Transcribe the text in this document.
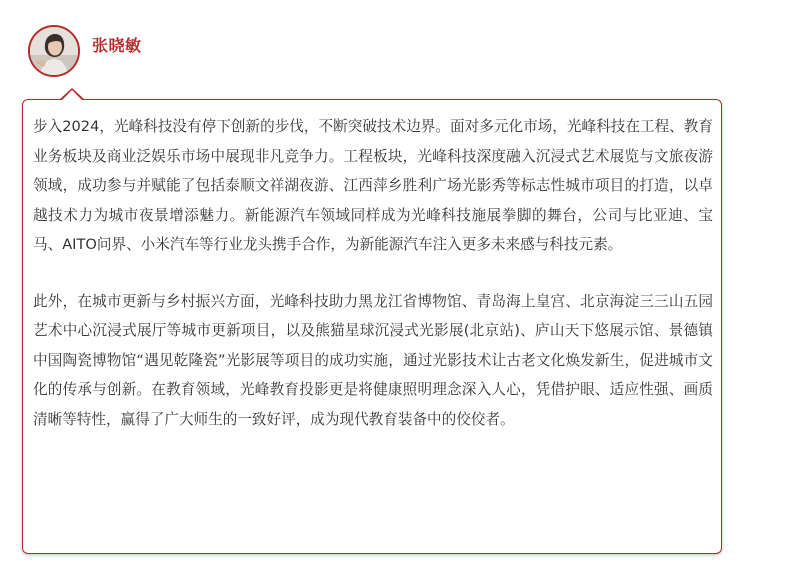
张晓敏

步入2024，光峰科技没有停下创新的步伐，不断突破技术边界。面对多元化市场，光峰科技在工程、教育业务板块及商业泛娱乐市场中展现非凡竞争力。工程板块，光峰科技深度融入沉浸式艺术展览与文旅夜游领域，成功参与并赋能了包括泰顺文祥湖夜游、江西萍乡胜利广场光影秀等标志性城市项目的打造，以卓越技术力为城市夜景增添魅力。新能源汽车领域同样成为光峰科技施展拳脚的舞台，公司与比亚迪、宝马、AITO问界、小米汽车等行业龙头携手合作，为新能源汽车注入更多未来感与科技元素。

此外，在城市更新与乡村振兴方面，光峰科技助力黑龙江省博物馆、青岛海上皇宫、北京海淀三三山五园艺术中心沉浸式展厅等城市更新项目，以及熊猫星球沉浸式光影展(北京站)、庐山天下悠展示馆、景德镇中国陶瓷博物馆“遇见乾隆瓷”光影展等项目的成功实施，通过光影技术让古老文化焕发新生，促进城市文化的传承与创新。在教育领域，光峰教育投影更是将健康照明理念深入人心，凭借护眼、适应性强、画质清晰等特性，赢得了广大师生的一致好评，成为现代教育装备中的佼佼者。
